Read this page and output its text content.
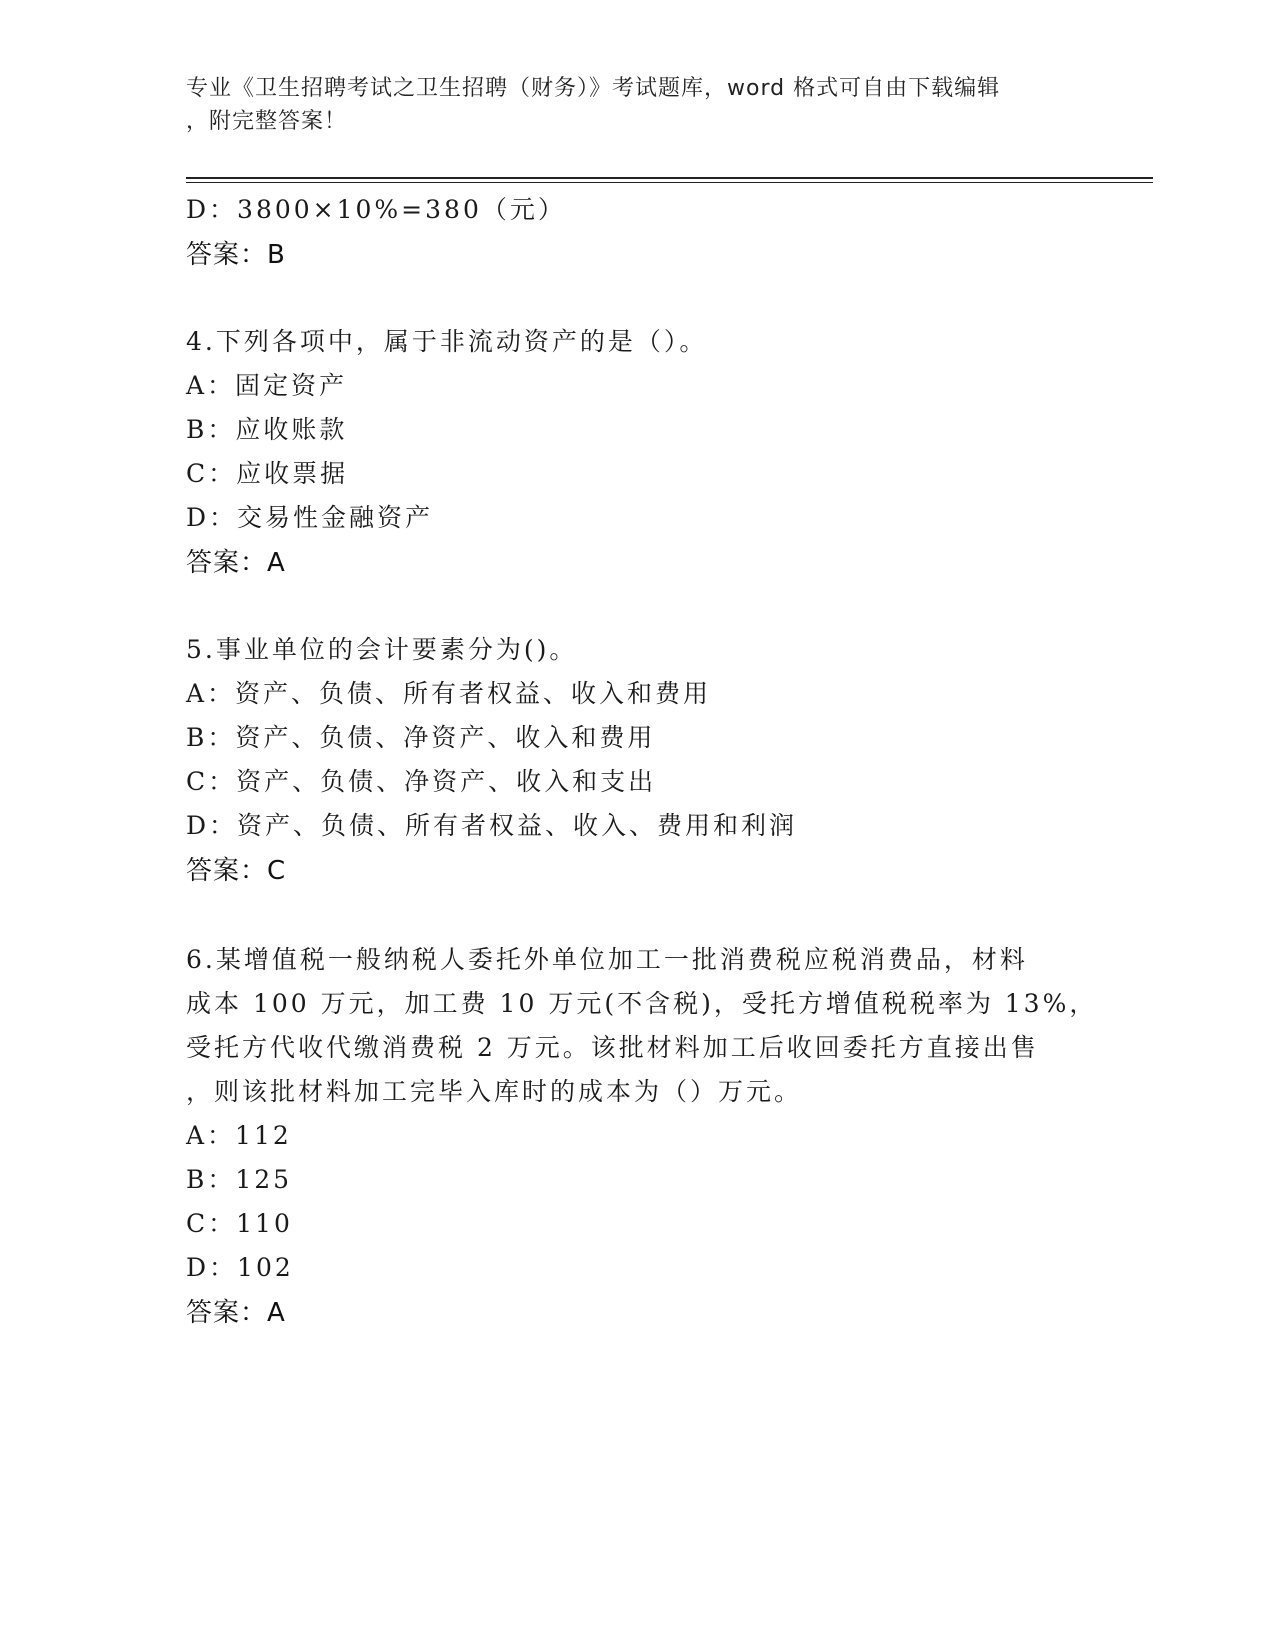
专业《卫生招聘考试之卫生招聘（财务）》考试题库，word 格式可自由下载编辑
，附完整答案！
D：3800×10%=380（元）
答案：B
4.下列各项中，属于非流动资产的是（）。
A：固定资产
B：应收账款
C：应收票据
D：交易性金融资产
答案：A
5.事业单位的会计要素分为()。
A：资产、负债、所有者权益、收入和费用
B：资产、负债、净资产、收入和费用
C：资产、负债、净资产、收入和支出
D：资产、负债、所有者权益、收入、费用和利润
答案：C
6.某增值税一般纳税人委托外单位加工一批消费税应税消费品，材料
成本 100 万元，加工费 10 万元(不含税)，受托方增值税税率为 13%，
受托方代收代缴消费税 2 万元。该批材料加工后收回委托方直接出售
，则该批材料加工完毕入库时的成本为（）万元。
A：112
B：125
C：110
D：102
答案：A
